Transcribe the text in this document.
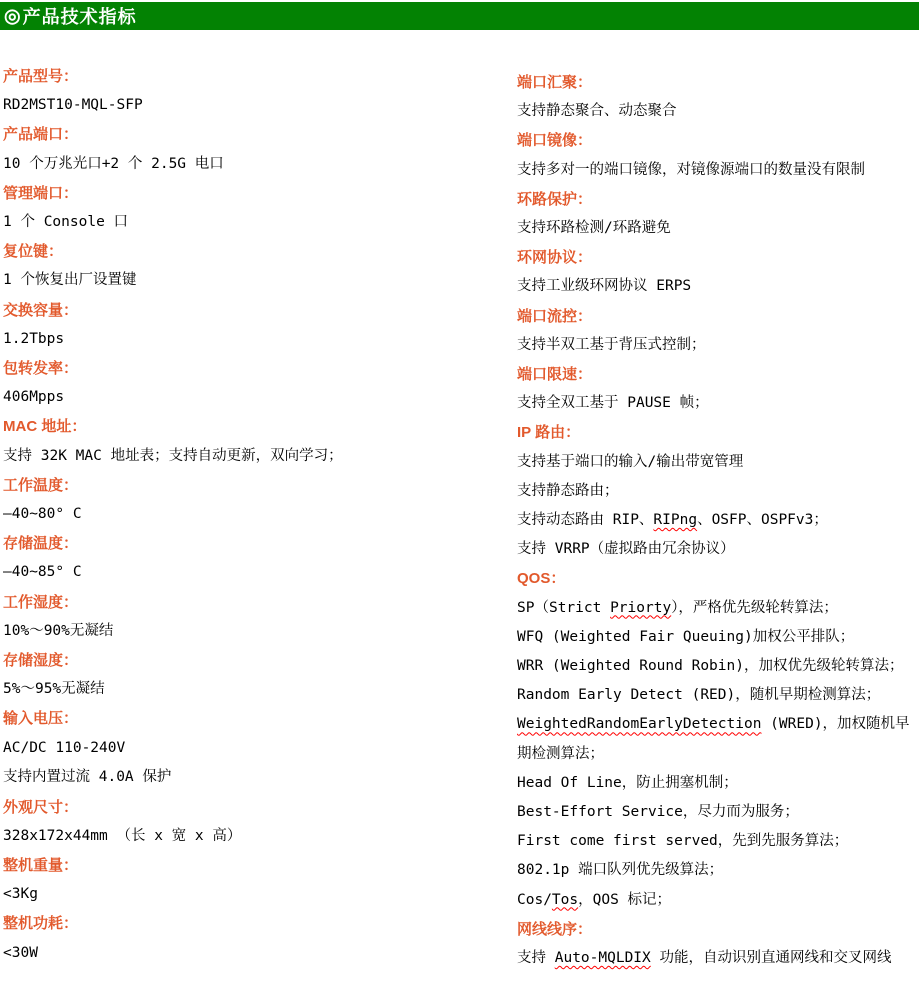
◎ 产品技术指标
产品型号：
RD2MST10-MQL-SFP
产品端口：
10 个万兆光口+2 个 2.5G 电口
管理端口：
1 个 Console 口
复位键：
1 个恢复出厂设置键
交换容量：
1.2Tbps
包转发率：
406Mpps
MAC 地址：
支持 32K MAC 地址表；支持自动更新，双向学习；
工作温度：
—40~80° C
存储温度：
—40~85° C
工作湿度：
10%～90%无凝结
存储湿度：
5%～95%无凝结
输入电压：
AC/DC 110-240V
支持内置过流 4.0A 保护
外观尺寸：
328x172x44mm （长 x 宽 x 高）
整机重量：
<3Kg
整机功耗：
<30W
端口汇聚：
支持静态聚合、动态聚合
端口镜像：
支持多对一的端口镜像，对镜像源端口的数量没有限制
环路保护：
支持环路检测/环路避免
环网协议：
支持工业级环网协议 ERPS
端口流控：
支持半双工基于背压式控制；
端口限速：
支持全双工基于 PAUSE 帧；
IP 路由：
支持基于端口的输入/输出带宽管理
支持静态路由；
支持动态路由 RIP、RIPng、OSFP、OSPFv3；
支持 VRRP（虚拟路由冗余协议）
QOS：
SP（Strict Priorty），严格优先级轮转算法；
WFQ (Weighted Fair Queuing)加权公平排队；
WRR (Weighted Round Robin)，加权优先级轮转算法；
Random Early Detect (RED)，随机早期检测算法；
WeightedRandomEarlyDetection (WRED)，加权随机早期检测算法；
Head Of Line，防止拥塞机制；
Best-Effort Service，尽力而为服务；
First come first served，先到先服务算法；
802.1p 端口队列优先级算法；
Cos/Tos，QOS 标记；
网线线序：
支持 Auto-MQLDIX 功能，自动识别直通网线和交叉网线
